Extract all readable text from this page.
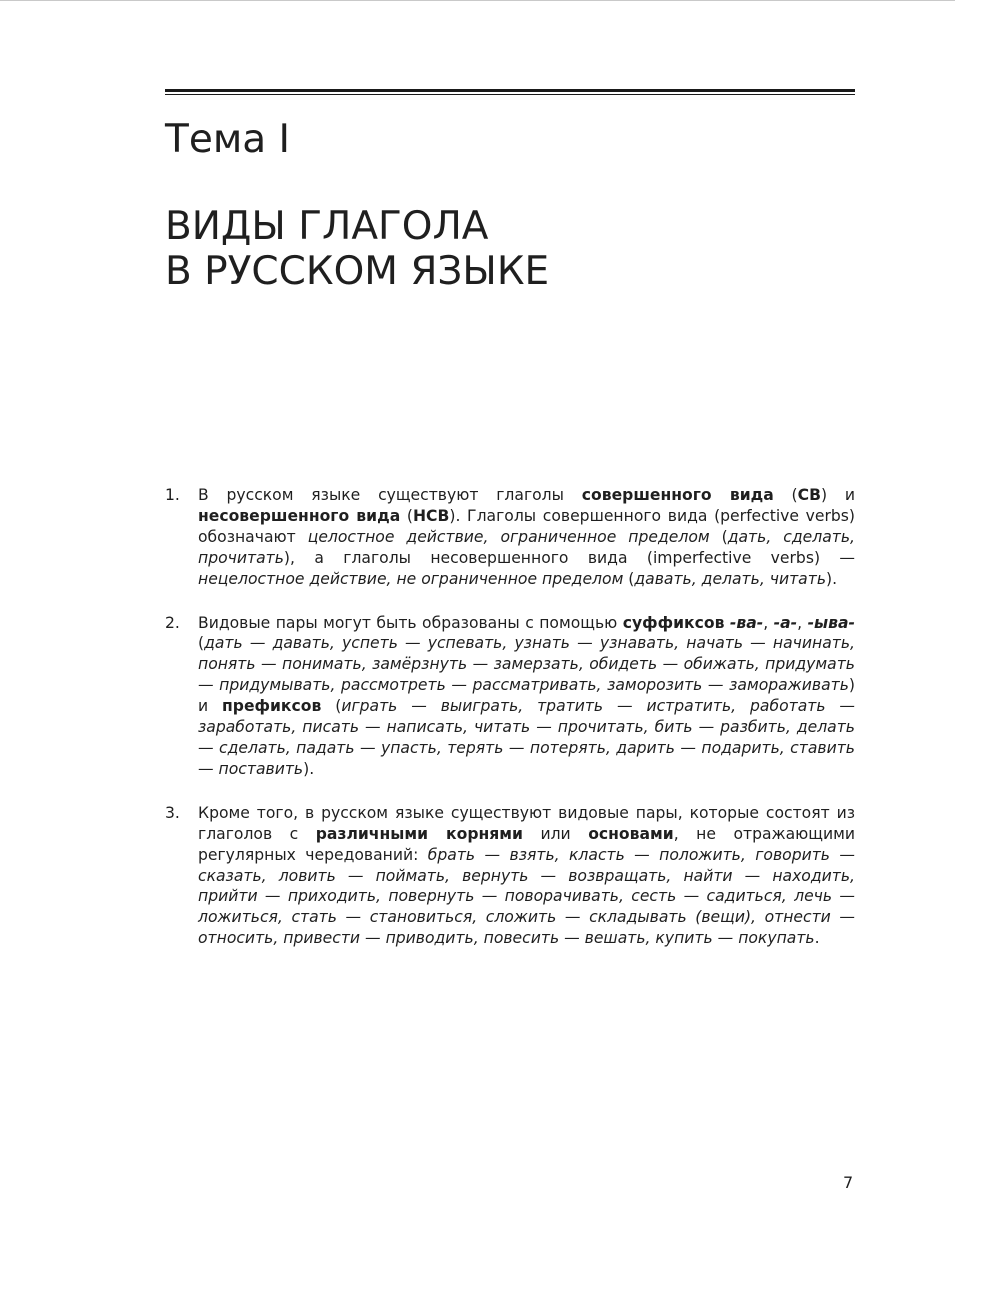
Тема I
ВИДЫ ГЛАГОЛА
В РУССКОМ ЯЗЫКЕ
1. В русском языке существуют глаголы совершенного вида (СВ) и несовершенного вида (НСВ). Глаголы совершенного вида (perfective verbs) обозначают целостное действие, ограниченное пределом (дать, сделать, прочитать), а глаголы несовершенного вида (imperfective verbs) — нецелостное действие, не ограниченное пределом (давать, делать, читать).
2. Видовые пары могут быть образованы с помощью суффиксов -ва-, -а-, -ыва- (дать — давать, успеть — успевать, узнать — узнавать, начать — начинать, понять — понимать, замёрзнуть — замерзать, обидеть — обижать, придумать — придумывать, рассмотреть — рассматривать, заморозить — замораживать) и префиксов (играть — выиграть, тратить — истратить, работать — заработать, писать — написать, читать — прочитать, бить — разбить, делать — сделать, падать — упасть, терять — потерять, дарить — подарить, ставить — поставить).
3. Кроме того, в русском языке существуют видовые пары, которые состоят из глаголов с различными корнями или основами, не отражающими регулярных чередований: брать — взять, класть — положить, говорить — сказать, ловить — поймать, вернуть — возвращать, найти — находить, прийти — приходить, повернуть — поворачивать, сесть — садиться, лечь — ложиться, стать — становиться, сложить — складывать (вещи), отнести — относить, привести — приводить, повесить — вешать, купить — покупать.
7
